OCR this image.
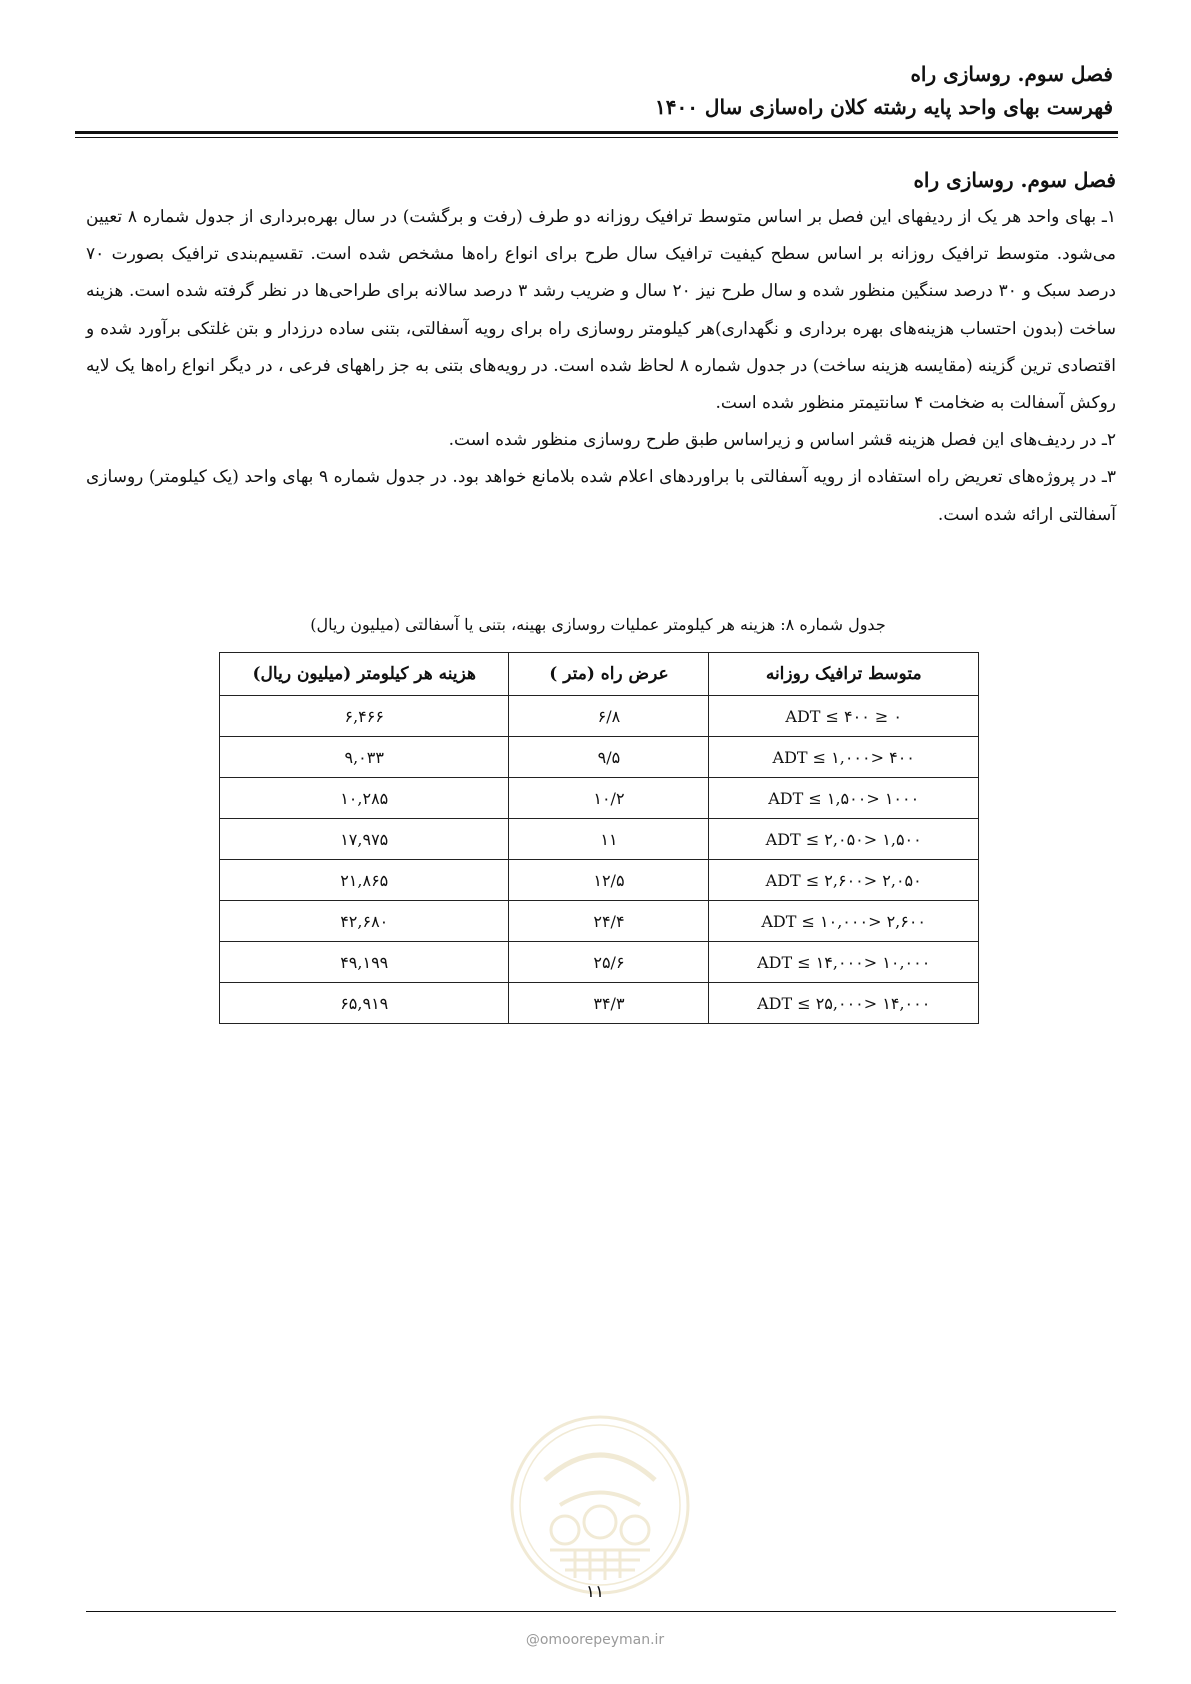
فصل سوم. روسازی راه
فهرست بهای واحد پایه رشته کلان راه‌سازی سال ۱۴۰۰
فصل سوم. روسازی راه

۱ـ بهای واحد هر یک از ردیفهای این فصل بر اساس متوسط ترافیک روزانه دو طرف (رفت و برگشت) در سال بهره‌برداری از جدول شماره ۸ تعیین می‌شود. متوسط ترافیک روزانه بر اساس سطح کیفیت ترافیک سال طرح برای انواع راه‌ها مشخص شده است. تقسیم‌بندی ترافیک بصورت ۷۰ درصد سبک و ۳۰ درصد سنگین منظور شده و سال طرح نیز ۲۰ سال و ضریب رشد ۳ درصد سالانه برای طراحی‌ها در نظر گرفته شده است. هزینه ساخت (بدون احتساب هزینه‌های بهره برداری و نگهداری)هر کیلومتر روسازی راه برای رویه آسفالتی، بتنی ساده درزدار و بتن غلتکی برآورد شده و اقتصادی ترین گزینه (مقایسه هزینه ساخت) در جدول شماره ۸ لحاظ شده است. در رویه‌های بتنی به جز راههای فرعی ، در دیگر انواع راه‌ها یک لایه روکش آسفالت به ضخامت ۴ سانتیمتر منظور شده است.

۲ـ در ردیف‌های این فصل هزینه قشر اساس و زیراساس طبق طرح روسازی منظور شده است.

۳ـ در پروژه‌های تعریض راه استفاده از رویه آسفالتی با براوردهای اعلام شده بلامانع خواهد بود. در جدول شماره ۹ بهای واحد (یک کیلومتر) روسازی آسفالتی ارائه شده است.

جدول شماره ۸: هزینه هر کیلومتر عملیات روسازی بهینه، بتنی یا آسفالتی (میلیون ریال)
متوسط ترافیک روزانه	عرض راه (متر )	هزینه هر کیلومتر (میلیون ریال)
۰ ≤ ADT ≤ ۴۰۰	۶/۸	۶,۴۶۶
۴۰۰ <ADT ≤ ۱,۰۰۰	۹/۵	۹,۰۳۳
۱۰۰۰ <ADT ≤ ۱,۵۰۰	۱۰/۲	۱۰,۲۸۵
۱,۵۰۰ <ADT ≤ ۲,۰۵۰	۱۱	۱۷,۹۷۵
۲,۰۵۰ <ADT ≤ ۲,۶۰۰	۱۲/۵	۲۱,۸۶۵
۲,۶۰۰ <ADT ≤ ۱۰,۰۰۰	۲۴/۴	۴۲,۶۸۰
۱۰,۰۰۰ <ADT ≤ ۱۴,۰۰۰	۲۵/۶	۴۹,۱۹۹
۱۴,۰۰۰ <ADT ≤ ۲۵,۰۰۰	۳۴/۳	۶۵,۹۱۹
۱۱
@omoorepeyman.ir
